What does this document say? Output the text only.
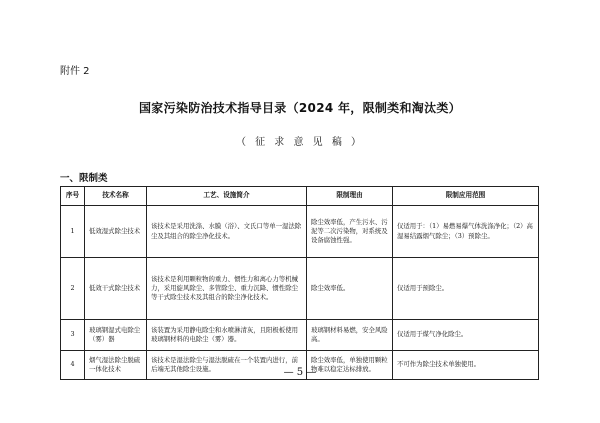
附件 2
国家污染防治技术指导目录（2024 年，限制类和淘汰类）
（ 征 求 意 见 稿 ）
一、限制类
序号	技术名称	工艺、设施简介	限制理由	限制应用范围
1	低效湿式除尘技术	该技术是采用洗涤、水膜（浴）、文氏口等单一湿法除尘及其组合的除尘净化技术。	除尘效率低，产生污水、污泥等二次污染物，对系统及设备腐蚀性强。	仅适用于：（1）易燃易爆气体洗涤净化；（2）高湿易结露烟气除尘；（3）预除尘。
2	低效干式除尘技术	该技术是利用颗粒物的重力、惯性力和离心力等机械力，采用旋风除尘、多管除尘、重力沉降、惯性除尘等干式除尘技术及其组合的除尘净化技术。	除尘效率低。	仅适用于预除尘。
3	玻璃钢湿式电除尘（雾）器	该装置为采用静电除尘和水喷淋清灰，且阳极板使用玻璃钢材料的电除尘（雾）器。	玻璃钢材料易燃，安全风险高。	仅适用于煤气净化除尘。
4	烟气湿法除尘脱硫一体化技术	该技术是湿法除尘与湿法脱硫在一个装置内进行，前后端无其他除尘设施。	除尘效率低，单独使用颗粒物难以稳定达标排放。	不可作为除尘技术单独使用。
— 5 —
